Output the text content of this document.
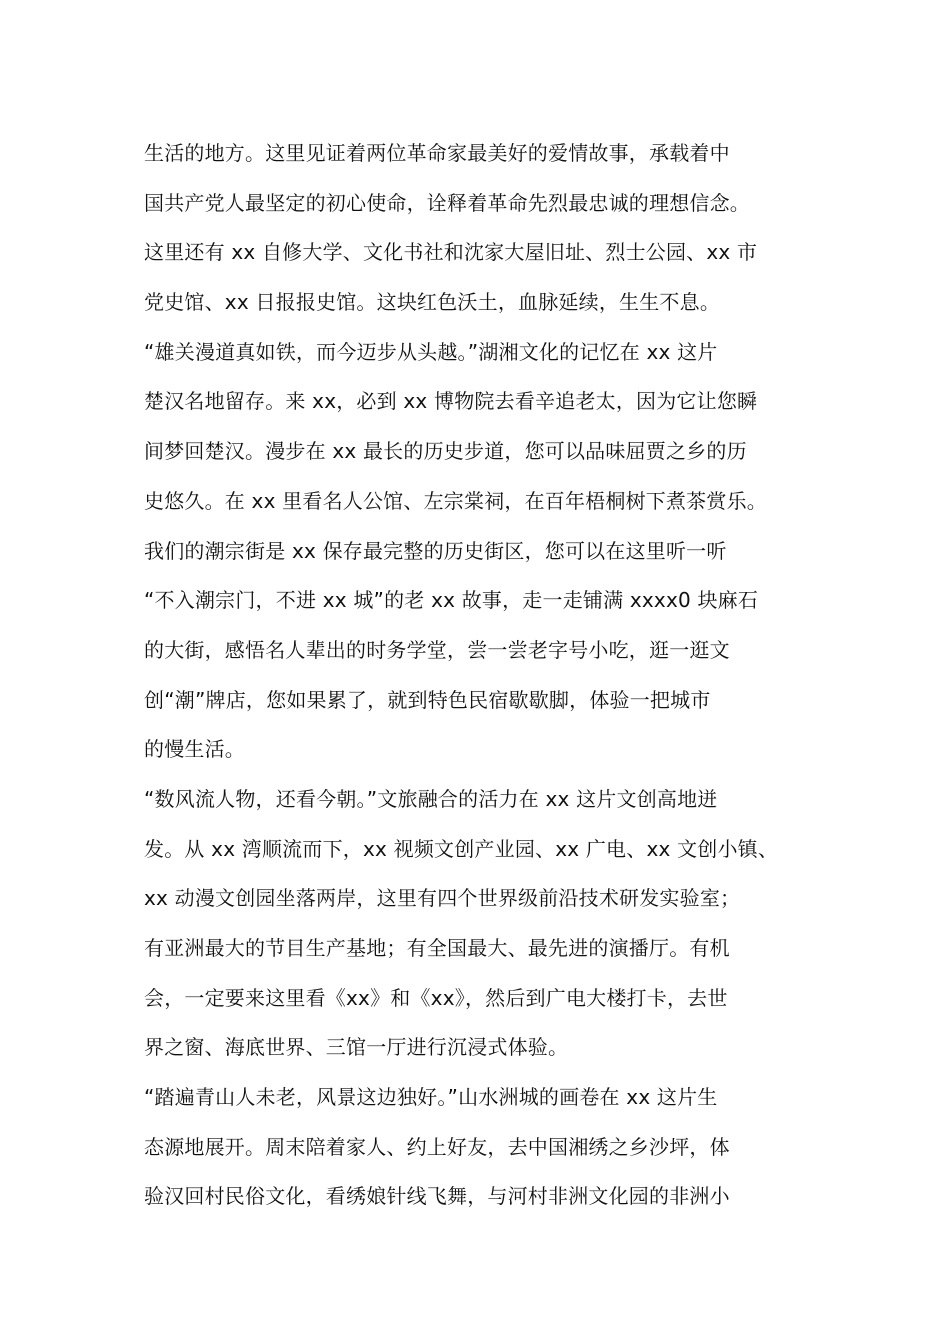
生活的地方。这里见证着两位革命家最美好的爱情故事，承载着中
国共产党人最坚定的初心使命，诠释着革命先烈最忠诚的理想信念。
这里还有 xx 自修大学、文化书社和沈家大屋旧址、烈士公园、xx 市
党史馆、xx 日报报史馆。这块红色沃土，血脉延续，生生不息。
“雄关漫道真如铁，而今迈步从头越。”湖湘文化的记忆在 xx 这片
楚汉名地留存。来 xx，必到 xx 博物院去看辛追老太，因为它让您瞬
间梦回楚汉。漫步在 xx 最长的历史步道，您可以品味屈贾之乡的历
史悠久。在 xx 里看名人公馆、左宗棠祠，在百年梧桐树下煮茶赏乐。
我们的潮宗街是 xx 保存最完整的历史街区，您可以在这里听一听
“不入潮宗门，不进 xx 城”的老 xx 故事，走一走铺满 xxxx0 块麻石
的大街，感悟名人辈出的时务学堂，尝一尝老字号小吃，逛一逛文
创“潮”牌店，您如果累了，就到特色民宿歇歇脚，体验一把城市
的慢生活。
“数风流人物，还看今朝。”文旅融合的活力在 xx 这片文创高地迸
发。从 xx 湾顺流而下，xx 视频文创产业园、xx 广电、xx 文创小镇、
xx 动漫文创园坐落两岸，这里有四个世界级前沿技术研发实验室；
有亚洲最大的节目生产基地；有全国最大、最先进的演播厅。有机
会，一定要来这里看《xx》和《xx》，然后到广电大楼打卡，去世
界之窗、海底世界、三馆一厅进行沉浸式体验。
“踏遍青山人未老，风景这边独好。”山水洲城的画卷在 xx 这片生
态源地展开。周末陪着家人、约上好友，去中国湘绣之乡沙坪，体
验汉回村民俗文化，看绣娘针线飞舞，与河村非洲文化园的非洲小
